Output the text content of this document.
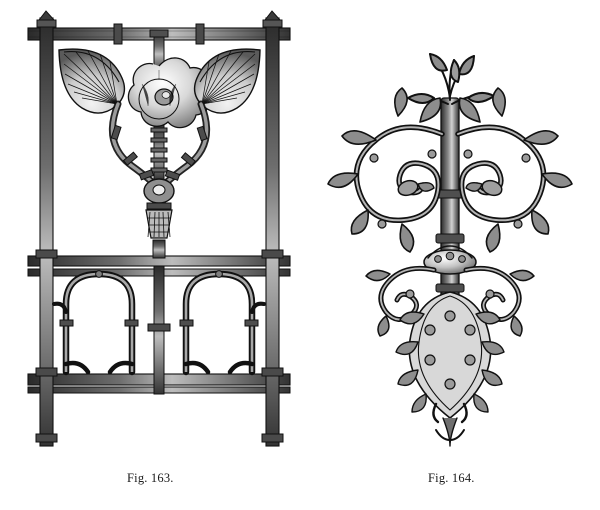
Fig. 163.	Fig. 164.
